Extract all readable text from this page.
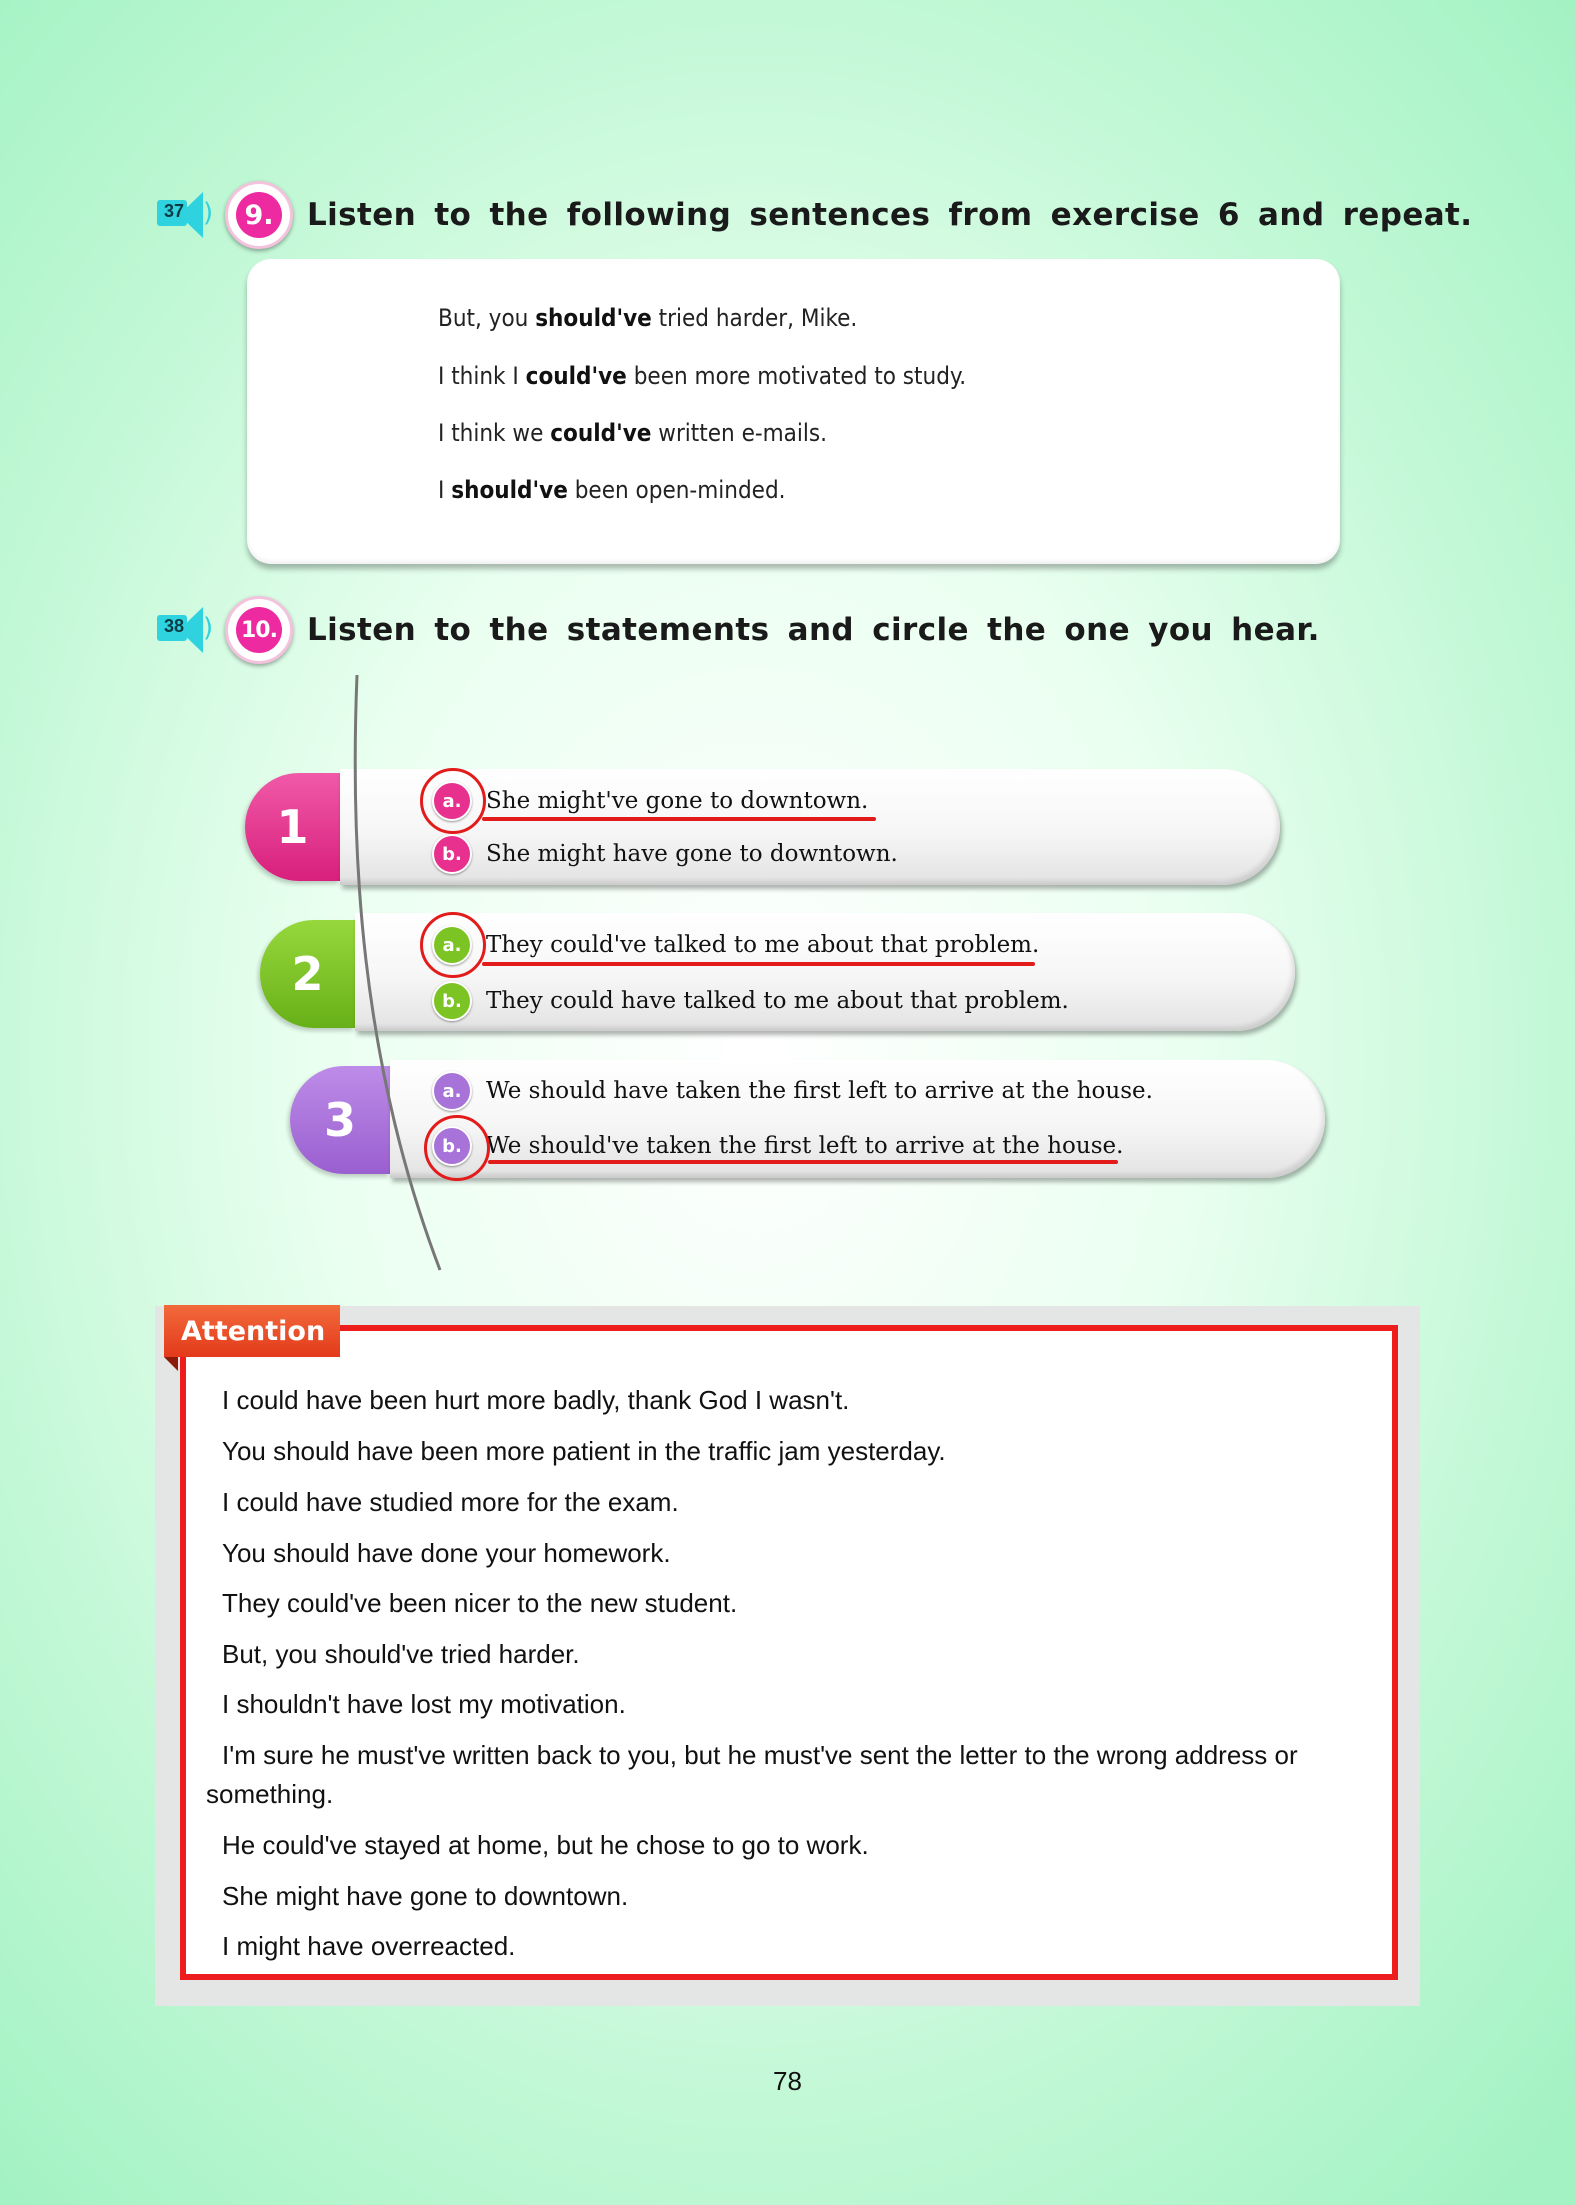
37 )	9. Listen to the following sentences from exercise 6 and repeat.
But, you should've tried harder, Mike.
I think I could've been more motivated to study.
I think we could've written e-mails.
I should've been open-minded.
38 ) 10. Listen to the statements and circle the one you hear.
1	a.	She might've gone to downtown.
b.	She might have gone to downtown.
2
a.	They could've talked to me about that problem.
b.	They could have talked to me about that problem.
3
a.	We should have taken the first left to arrive at the house.
b.	We should've taken the first left to arrive at the house.
Attention
I could have been hurt more badly, thank God I wasn't.
You should have been more patient in the traffic jam yesterday.
I could have studied more for the exam.
You should have done your homework.
They could've been nicer to the new student.
But, you should've tried harder.
I shouldn't have lost my motivation.
I'm sure he must've written back to you, but he must've sent the letter to the wrong address or something.
He could've stayed at home, but he chose to go to work.
She might have gone to downtown.
I might have overreacted.
78
